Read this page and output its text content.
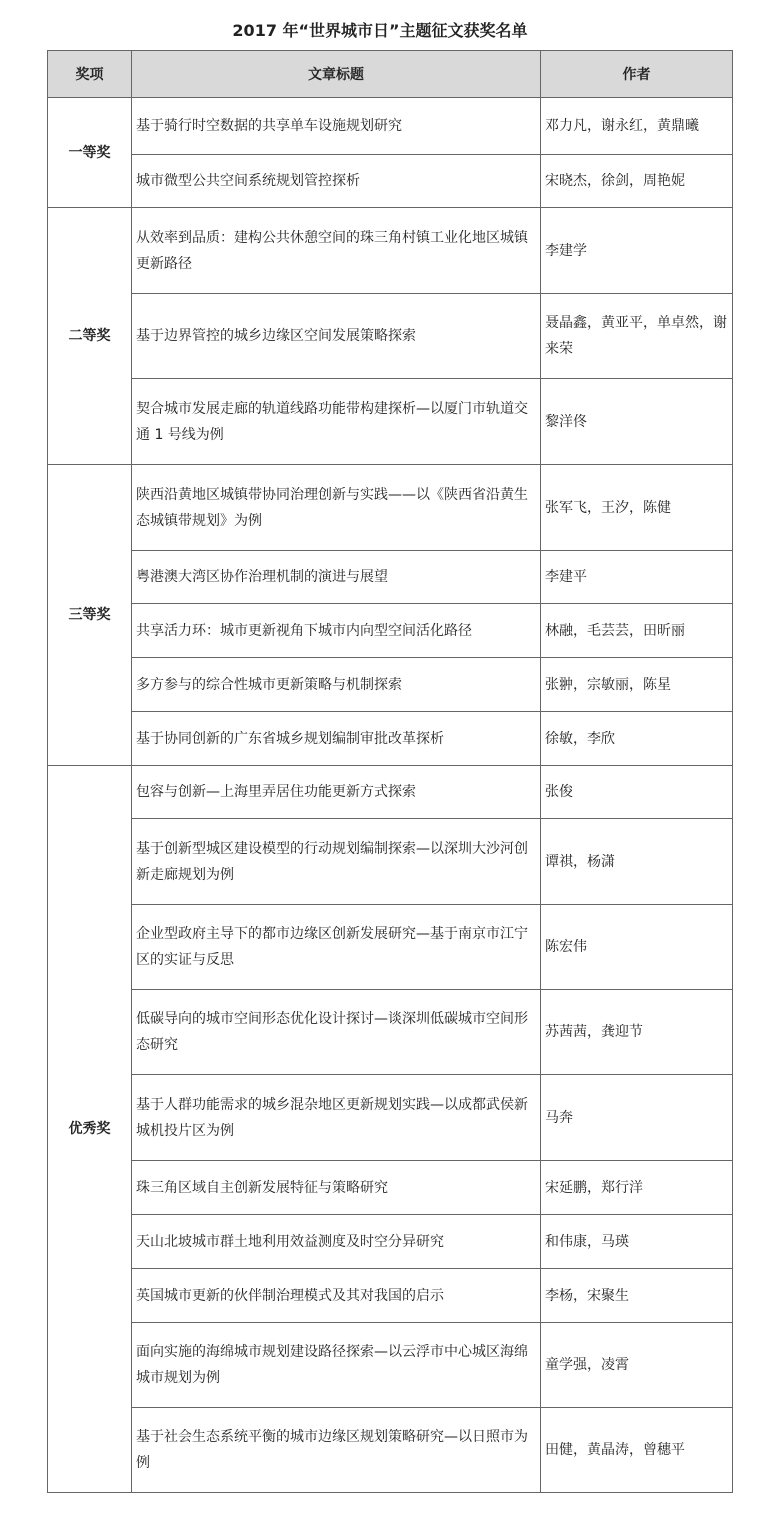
2017 年“世界城市日”主题征文获奖名单
奖项	文章标题	作者
一等奖	基于骑行时空数据的共享单车设施规划研究	邓力凡，谢永红，黄鼎曦
	城市微型公共空间系统规划管控探析	宋晓杰，徐剑，周艳妮
二等奖	从效率到品质：建构公共休憩空间的珠三角村镇工业化地区城镇更新路径	李建学
	基于边界管控的城乡边缘区空间发展策略探索	聂晶鑫，黄亚平，单卓然，谢来荣
	契合城市发展走廊的轨道线路功能带构建探析—以厦门市轨道交通 1 号线为例	黎洋佟
三等奖	陕西沿黄地区城镇带协同治理创新与实践——以《陕西省沿黄生态城镇带规划》为例	张军飞，王汐，陈健
	粤港澳大湾区协作治理机制的演进与展望	李建平
	共享活力环：城市更新视角下城市内向型空间活化路径	林融，毛芸芸，田昕丽
	多方参与的综合性城市更新策略与机制探索	张翀，宗敏丽，陈星
	基于协同创新的广东省城乡规划编制审批改革探析	徐敏，李欣
优秀奖	包容与创新—上海里弄居住功能更新方式探索	张俊
	基于创新型城区建设模型的行动规划编制探索—以深圳大沙河创新走廊规划为例	谭祺，杨潇
	企业型政府主导下的都市边缘区创新发展研究—基于南京市江宁区的实证与反思	陈宏伟
	低碳导向的城市空间形态优化设计探讨—谈深圳低碳城市空间形态研究	苏茜茜，龚迎节
	基于人群功能需求的城乡混杂地区更新规划实践—以成都武侯新城机投片区为例	马奔
	珠三角区域自主创新发展特征与策略研究	宋延鹏，郑行洋
	天山北坡城市群土地利用效益测度及时空分异研究	和伟康，马瑛
	英国城市更新的伙伴制治理模式及其对我国的启示	李杨，宋聚生
	面向实施的海绵城市规划建设路径探索—以云浮市中心城区海绵城市规划为例	童学强，凌霄
	基于社会生态系统平衡的城市边缘区规划策略研究—以日照市为例	田健，黄晶涛，曾穗平
